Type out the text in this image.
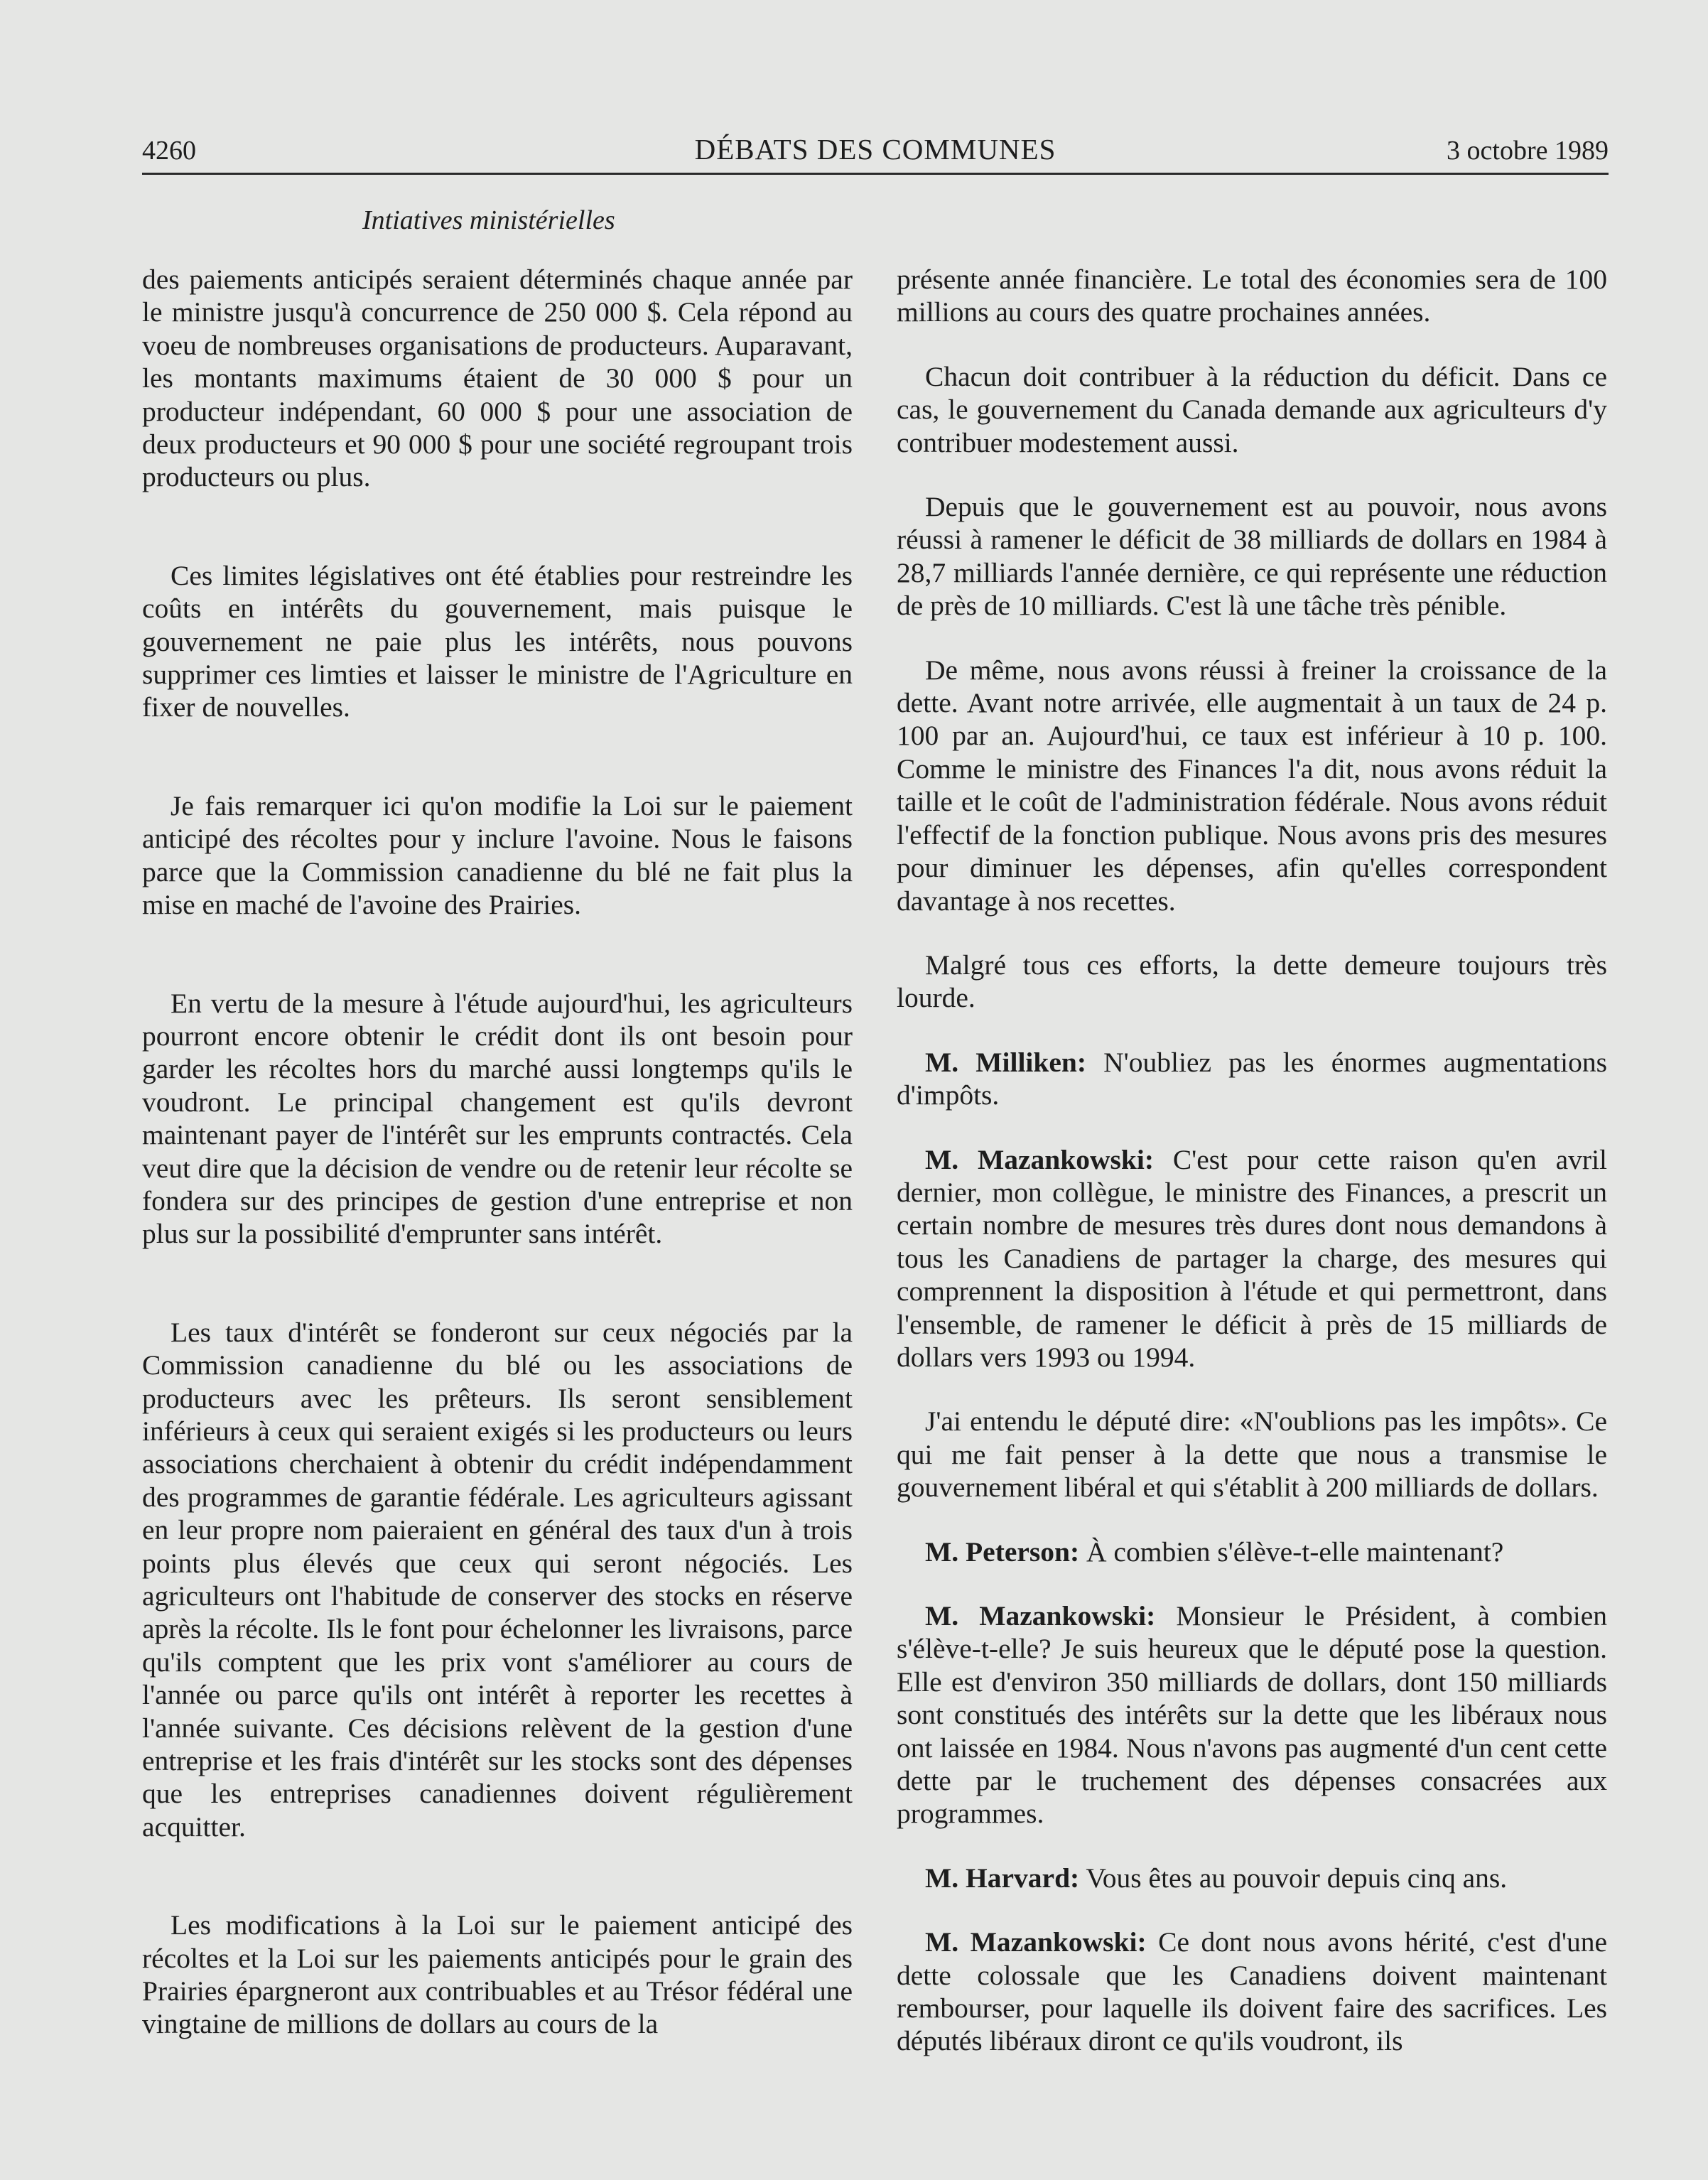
4260	DÉBATS DES COMMUNES	3 octobre 1989
Intiatives ministérielles

des paiements anticipés seraient déterminés chaque année par le ministre jusqu'à concurrence de 250 000 $. Cela répond au voeu de nombreuses organisations de producteurs. Auparavant, les montants maximums étaient de 30 000 $ pour un producteur indépendant, 60 000 $ pour une association de deux producteurs et 90 000 $ pour une société regroupant trois producteurs ou plus.

Ces limites législatives ont été établies pour restreindre les coûts en intérêts du gouvernement, mais puisque le gouvernement ne paie plus les intérêts, nous pouvons supprimer ces limties et laisser le ministre de l'Agriculture en fixer de nouvelles.

Je fais remarquer ici qu'on modifie la Loi sur le paiement anticipé des récoltes pour y inclure l'avoine. Nous le faisons parce que la Commission canadienne du blé ne fait plus la mise en maché de l'avoine des Prairies.

En vertu de la mesure à l'étude aujourd'hui, les agriculteurs pourront encore obtenir le crédit dont ils ont besoin pour garder les récoltes hors du marché aussi longtemps qu'ils le voudront. Le principal changement est qu'ils devront maintenant payer de l'intérêt sur les emprunts contractés. Cela veut dire que la décision de vendre ou de retenir leur récolte se fondera sur des principes de gestion d'une entreprise et non plus sur la possibilité d'emprunter sans intérêt.

Les taux d'intérêt se fonderont sur ceux négociés par la Commission canadienne du blé ou les associations de producteurs avec les prêteurs. Ils seront sensiblement inférieurs à ceux qui seraient exigés si les producteurs ou leurs associations cherchaient à obtenir du crédit indépendamment des programmes de garantie fédérale. Les agriculteurs agissant en leur propre nom paieraient en général des taux d'un à trois points plus élevés que ceux qui seront négociés. Les agriculteurs ont l'habitude de conserver des stocks en réserve après la récolte. Ils le font pour échelonner les livraisons, parce qu'ils comptent que les prix vont s'améliorer au cours de l'année ou parce qu'ils ont intérêt à reporter les recettes à l'année suivante. Ces décisions relèvent de la gestion d'une entreprise et les frais d'intérêt sur les stocks sont des dépenses que les entreprises canadiennes doivent régulièrement acquitter.

Les modifications à la Loi sur le paiement anticipé des récoltes et la Loi sur les paiements anticipés pour le grain des Prairies épargneront aux contribuables et au Trésor fédéral une vingtaine de millions de dollars au cours de la

présente année financière. Le total des économies sera de 100 millions au cours des quatre prochaines années.

Chacun doit contribuer à la réduction du déficit. Dans ce cas, le gouvernement du Canada demande aux agriculteurs d'y contribuer modestement aussi.

Depuis que le gouvernement est au pouvoir, nous avons réussi à ramener le déficit de 38 milliards de dollars en 1984 à 28,7 milliards l'année dernière, ce qui représente une réduction de près de 10 milliards. C'est là une tâche très pénible.

De même, nous avons réussi à freiner la croissance de la dette. Avant notre arrivée, elle augmentait à un taux de 24 p. 100 par an. Aujourd'hui, ce taux est inférieur à 10 p. 100. Comme le ministre des Finances l'a dit, nous avons réduit la taille et le coût de l'administration fédérale. Nous avons réduit l'effectif de la fonction publique. Nous avons pris des mesures pour diminuer les dépenses, afin qu'elles correspondent davantage à nos recettes.

Malgré tous ces efforts, la dette demeure toujours très lourde.

M. Milliken: N'oubliez pas les énormes augmentations d'impôts.

M. Mazankowski: C'est pour cette raison qu'en avril dernier, mon collègue, le ministre des Finances, a prescrit un certain nombre de mesures très dures dont nous demandons à tous les Canadiens de partager la charge, des mesures qui comprennent la disposition à l'étude et qui permettront, dans l'ensemble, de ramener le déficit à près de 15 milliards de dollars vers 1993 ou 1994.

J'ai entendu le député dire: «N'oublions pas les impôts». Ce qui me fait penser à la dette que nous a transmise le gouvernement libéral et qui s'établit à 200 milliards de dollars.

M. Peterson: À combien s'élève-t-elle maintenant?

M. Mazankowski: Monsieur le Président, à combien s'élève-t-elle? Je suis heureux que le député pose la question. Elle est d'environ 350 milliards de dollars, dont 150 milliards sont constitués des intérêts sur la dette que les libéraux nous ont laissée en 1984. Nous n'avons pas augmenté d'un cent cette dette par le truchement des dépenses consacrées aux programmes.

M. Harvard: Vous êtes au pouvoir depuis cinq ans.

M. Mazankowski: Ce dont nous avons hérité, c'est d'une dette colossale que les Canadiens doivent maintenant rembourser, pour laquelle ils doivent faire des sacrifices. Les députés libéraux diront ce qu'ils voudront, ils
